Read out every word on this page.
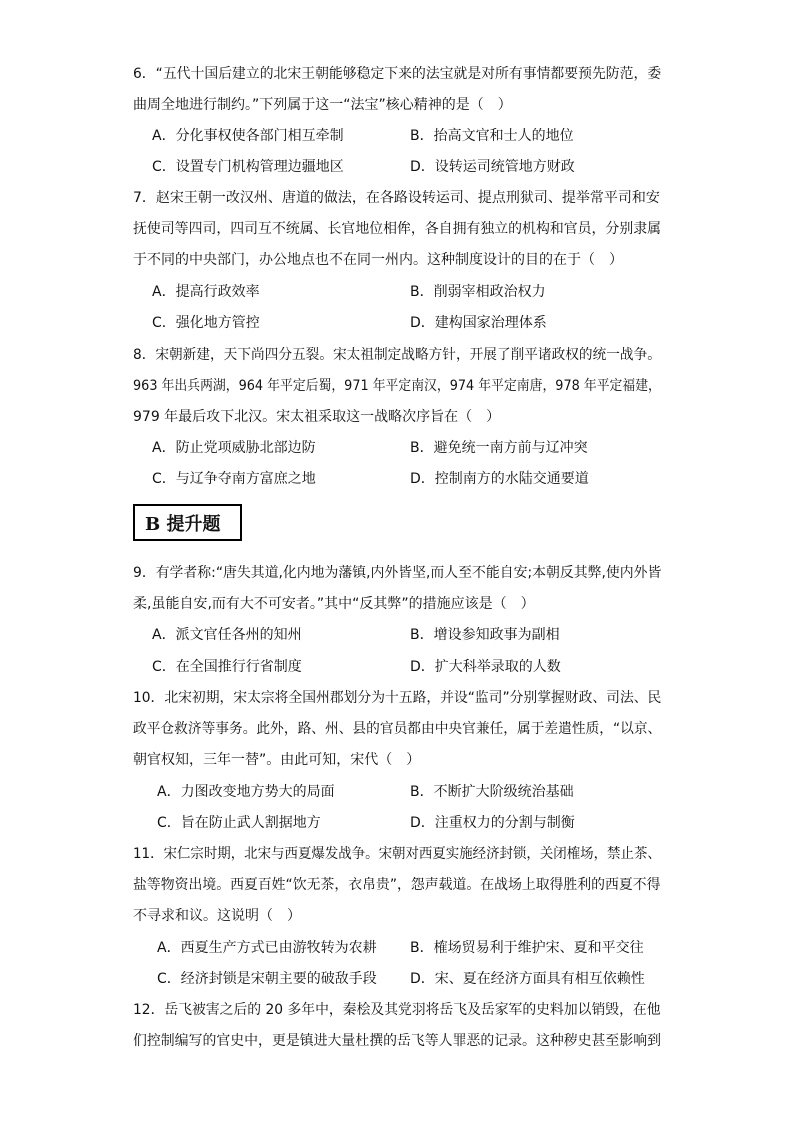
6．“五代十国后建立的北宋王朝能够稳定下来的法宝就是对所有事情都要预先防范，委
曲周全地进行制约。”下列属于这一“法宝”核心精神的是（　）
A．分化事权使各部门相互牵制	B．抬高文官和士人的地位
C．设置专门机构管理边疆地区	D．设转运司统管地方财政
7．赵宋王朝一改汉州、唐道的做法，在各路设转运司、提点刑狱司、提举常平司和安
抚使司等四司，四司互不统属、长官地位相侔，各自拥有独立的机构和官员，分别隶属
于不同的中央部门，办公地点也不在同一州内。这种制度设计的目的在于（　）
A．提高行政效率	B．削弱宰相政治权力
C．强化地方管控	D．建构国家治理体系
8．宋朝新建，天下尚四分五裂。宋太祖制定战略方针，开展了削平诸政权的统一战争。
963 年出兵两湖，964 年平定后蜀，971 年平定南汉，974 年平定南唐，978 年平定福建，
979 年最后攻下北汉。宋太祖采取这一战略次序旨在（　）
A．防止党项威胁北部边防	B．避免统一南方前与辽冲突
C．与辽争夺南方富庶之地	D．控制南方的水陆交通要道
B 提升题
9．有学者称:“唐失其道,化内地为藩镇,内外皆坚,而人至不能自安;本朝反其弊,使内外皆
柔,虽能自安,而有大不可安者。”其中“反其弊”的措施应该是（　）
A．派文官任各州的知州	B．增设参知政事为副相
C．在全国推行行省制度	D．扩大科举录取的人数
10．北宋初期，宋太宗将全国州郡划分为十五路，并设“监司”分别掌握财政、司法、民
政平仓救济等事务。此外，路、州、县的官员都由中央官兼任，属于差遣性质，“以京、
朝官权知，三年一替”。由此可知，宋代（　）
A．力图改变地方势大的局面	B．不断扩大阶级统治基础
C．旨在防止武人割据地方	D．注重权力的分割与制衡
11．宋仁宗时期，北宋与西夏爆发战争。宋朝对西夏实施经济封锁，关闭榷场，禁止茶、
盐等物资出境。西夏百姓“饮无茶，衣帛贵”，怨声载道。在战场上取得胜利的西夏不得
不寻求和议。这说明（　）
A．西夏生产方式已由游牧转为农耕 B．榷场贸易利于维护宋、夏和平交往
C．经济封锁是宋朝主要的破敌手段 D．宋、夏在经济方面具有相互依赖性
12．岳飞被害之后的 20 多年中，秦桧及其党羽将岳飞及岳家军的史料加以销毁，在他
们控制编写的官史中，更是镇进大量杜撰的岳飞等人罪恶的记录。这种秽史甚至影响到
